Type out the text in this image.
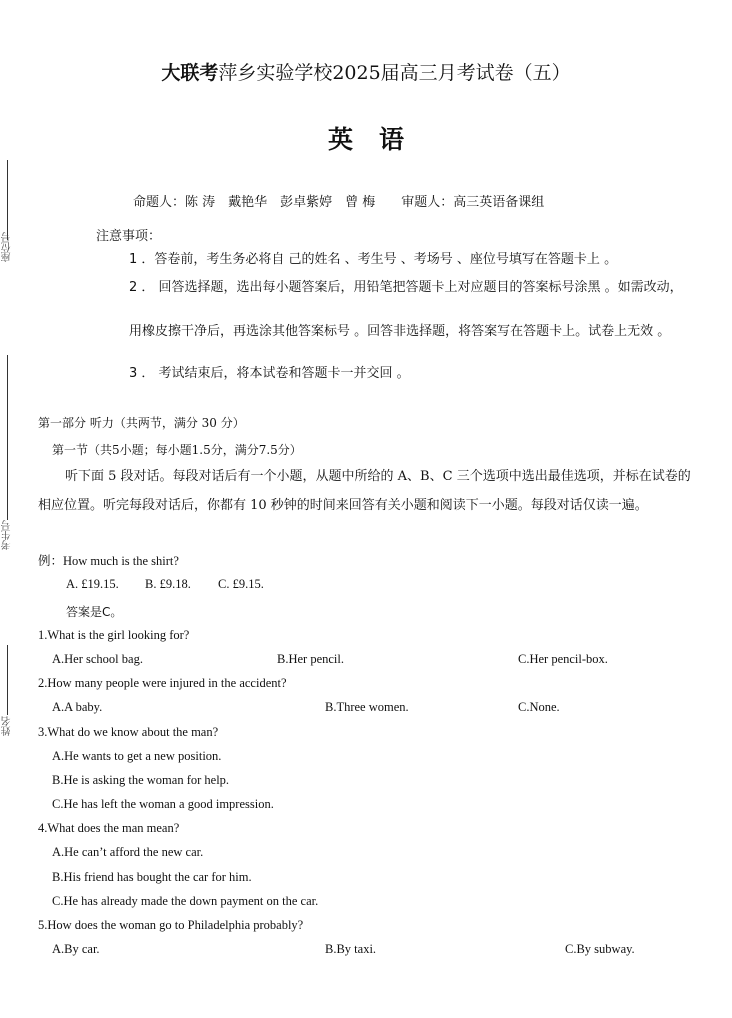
座位号
考生号
姓名
大联考萍乡实验学校2025届高三月考试卷（五）
英语
命题人：陈 涛　戴艳华　彭卓紫婷　曾 梅　　审题人：高三英语备课组
注意事项：
1 ．答卷前，考生务必将自 己的姓名 、考生号 、考场号 、座位号填写在答题卡上 。
2 ． 回答选择题，选出每小题答案后，用铅笔把答题卡上对应题目的答案标号涂黑 。如需改动，
用橡皮擦干净后，再选涂其他答案标号 。回答非选择题，将答案写在答题卡上。试卷上无效 。
3 ． 考试结束后，将本试卷和答题卡一并交回 。
第一部分 听力（共两节，满分 30 分）
第一节（共5小题；每小题1.5分，满分7.5分）
听下面 5 段对话。每段对话后有一个小题，从题中所给的 A、B、C 三个选项中选出最佳选项，并标在试卷的相应位置。听完每段对话后，你都有 10 秒钟的时间来回答有关小题和阅读下一小题。每段对话仅读一遍。
例：How much is the shirt?
A. £19.15. B. £9.18. C. £9.15.
答案是C。
1.What is the girl looking for?
A.Her school bag.	B.Her pencil.	C.Her pencil-box.
2.How many people were injured in the accident?
A.A baby.	B.Three women.	C.None.
3.What do we know about the man?
A.He wants to get a new position.
B.He is asking the woman for help.
C.He has left the woman a good impression.
4.What does the man mean?
A.He can’t afford the new car.
B.His friend has bought the car for him.
C.He has already made the down payment on the car.
5.How does the woman go to Philadelphia probably?
A.By car.	B.By taxi.	C.By subway.
